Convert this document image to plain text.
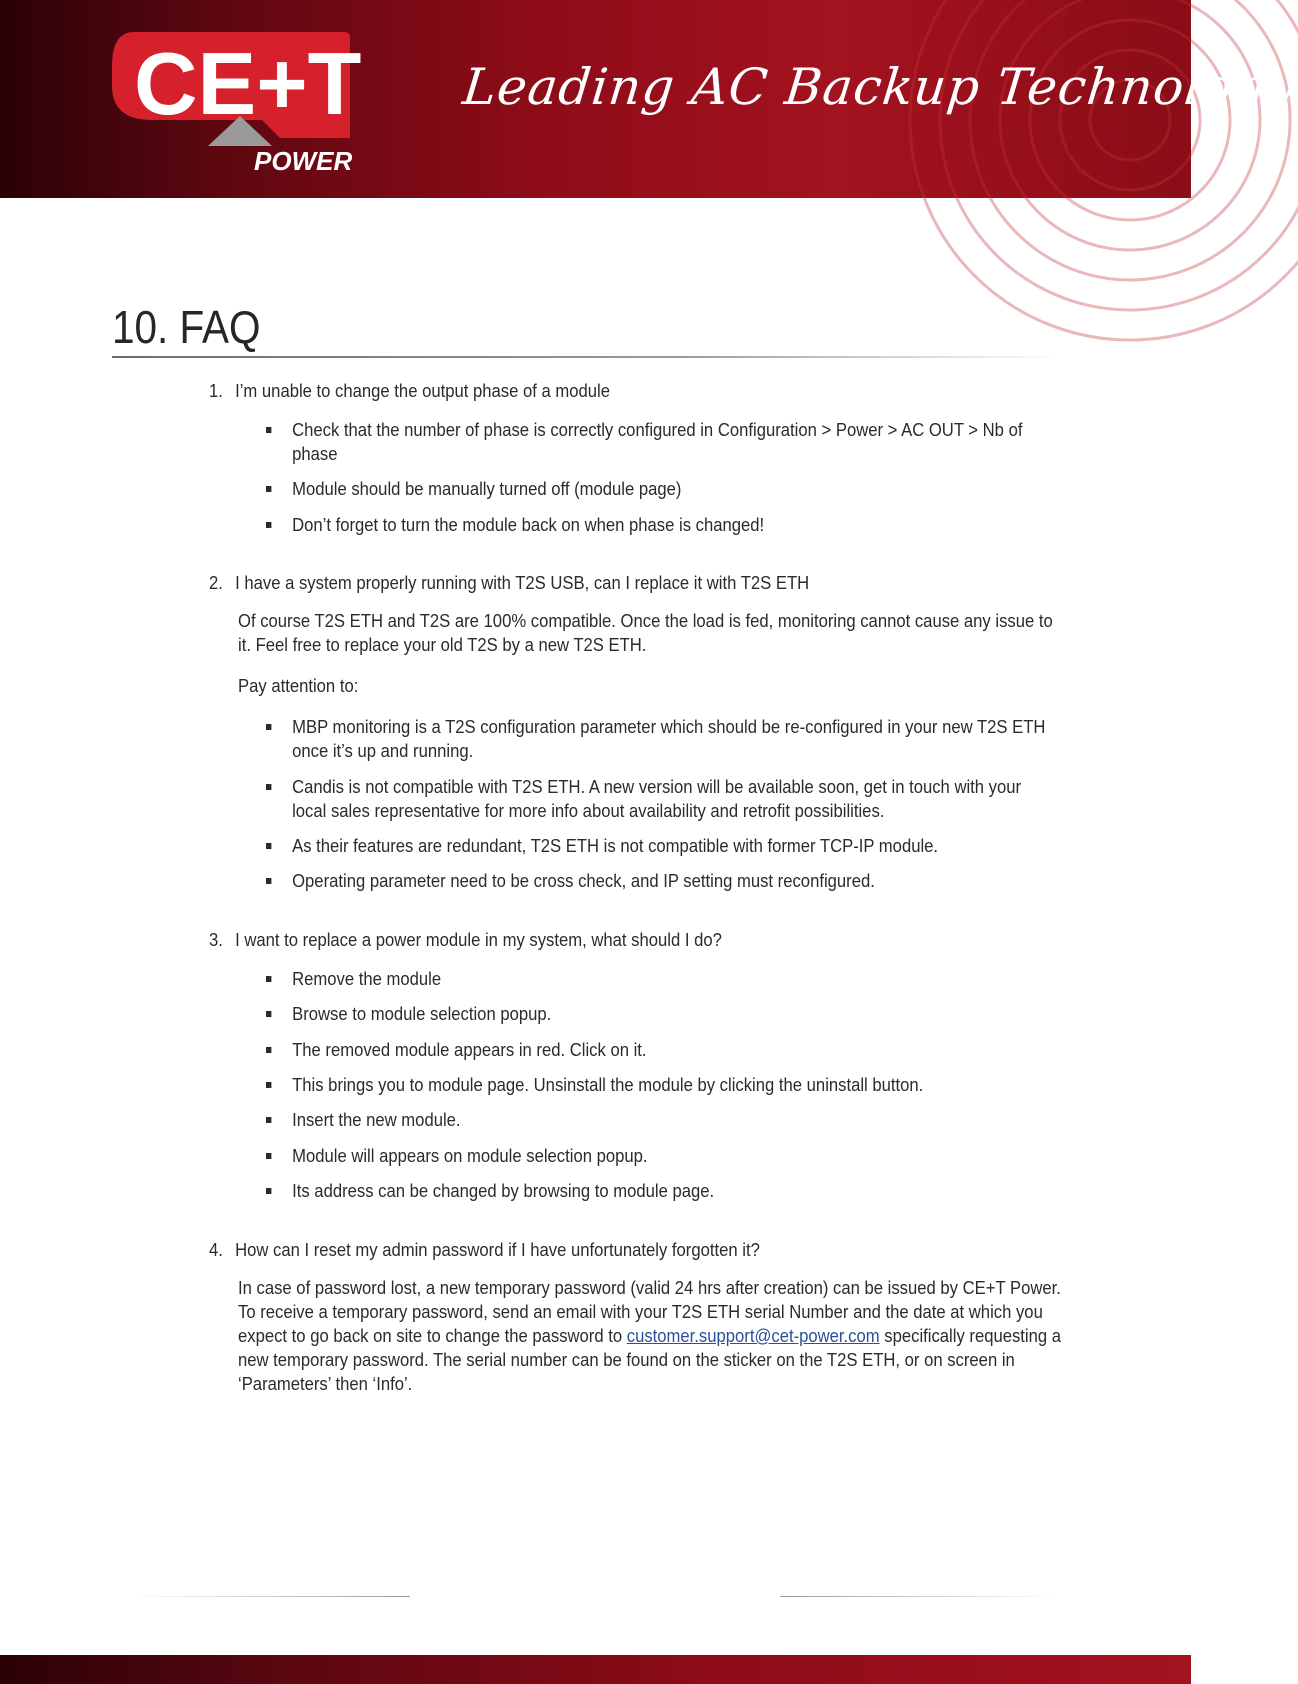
CE+T
POWER
Leading AC Backup Technology
10. FAQ
1. I’m unable to change the output phase of a module
Check that the number of phase is correctly configured in Configuration > Power > AC OUT > Nb of
phase
Module should be manually turned off (module page)
Don’t forget to turn the module back on when phase is changed!
2. I have a system properly running with T2S USB, can I replace it with T2S ETH

Of course T2S ETH and T2S are 100% compatible. Once the load is fed, monitoring cannot cause any issue to it. Feel free to replace your old T2S by a new T2S ETH.

Pay attention to:

MBP monitoring is a T2S configuration parameter which should be re-configured in your new T2S ETH once it’s up and running.
Candis is not compatible with T2S ETH. A new version will be available soon, get in touch with your local sales representative for more info about availability and retrofit possibilities.
As their features are redundant, T2S ETH is not compatible with former TCP-IP module.
Operating parameter need to be cross check, and IP setting must reconfigured.
3. I want to replace a power module in my system, what should I do?
Remove the module
Browse to module selection popup.
The removed module appears in red. Click on it.
This brings you to module page. Unsinstall the module by clicking the uninstall button.
Insert the new module.
Module will appears on module selection popup.
Its address can be changed by browsing to module page.
4. How can I reset my admin password if I have unfortunately forgotten it?

In case of password lost, a new temporary password (valid 24 hrs after creation) can be issued by CE+T Power. To receive a temporary password, send an email with your T2S ETH serial Number and the date at which you expect to go back on site to change the password to customer.support@cet-power.com specifically requesting a new temporary password. The serial number can be found on the sticker on the T2S ETH, or on screen in ‘Parameters’ then ‘Info’.
